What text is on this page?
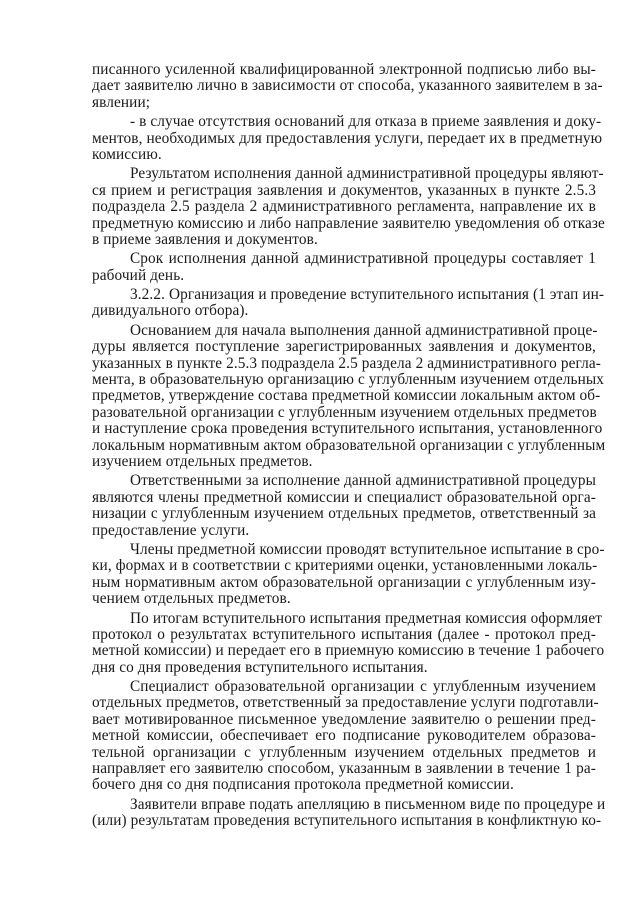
писанного усиленной квалифицированной электронной подписью либо вы-
дает заявителю лично в зависимости от способа, указанного заявителем в за-
явлении;
- в случае отсутствия оснований для отказа в приеме заявления и доку-
ментов, необходимых для предоставления услуги, передает их в предметную
комиссию.
Результатом исполнения данной административной процедуры являют-
ся прием и регистрация заявления и документов, указанных в пункте 2.5.3
подраздела 2.5 раздела 2 административного регламента, направление их в
предметную комиссию и либо направление заявителю уведомления об отказе
в приеме заявления и документов.
Срок исполнения данной административной процедуры составляет 1
рабочий день.
3.2.2. Организация и проведение вступительного испытания (1 этап ин-
дивидуального отбора).
Основанием для начала выполнения данной административной проце-
дуры является поступление зарегистрированных заявления и документов,
указанных в пункте 2.5.3 подраздела 2.5 раздела 2 административного регла-
мента, в образовательную организацию с углубленным изучением отдельных
предметов, утверждение состава предметной комиссии локальным актом об-
разовательной организации с углубленным изучением отдельных предметов
и наступление срока проведения вступительного испытания, установленного
локальным нормативным актом образовательной организации с углубленным
изучением отдельных предметов.
Ответственными за исполнение данной административной процедуры
являются члены предметной комиссии и специалист образовательной орга-
низации с углубленным изучением отдельных предметов, ответственный за
предоставление услуги.
Члены предметной комиссии проводят вступительное испытание в сро-
ки, формах и в соответствии с критериями оценки, установленными локаль-
ным нормативным актом образовательной организации с углубленным изу-
чением отдельных предметов.
По итогам вступительного испытания предметная комиссия оформляет
протокол о результатах вступительного испытания (далее - протокол пред-
метной комиссии) и передает его в приемную комиссию в течение 1 рабочего
дня со дня проведения вступительного испытания.
Специалист образовательной организации с углубленным изучением
отдельных предметов, ответственный за предоставление услуги подготавли-
вает мотивированное письменное уведомление заявителю о решении пред-
метной комиссии, обеспечивает его подписание руководителем образова-
тельной организации с углубленным изучением отдельных предметов и
направляет его заявителю способом, указанным в заявлении в течение 1 ра-
бочего дня со дня подписания протокола предметной комиссии.
Заявители вправе подать апелляцию в письменном виде по процедуре и
(или) результатам проведения вступительного испытания в конфликтную ко-
